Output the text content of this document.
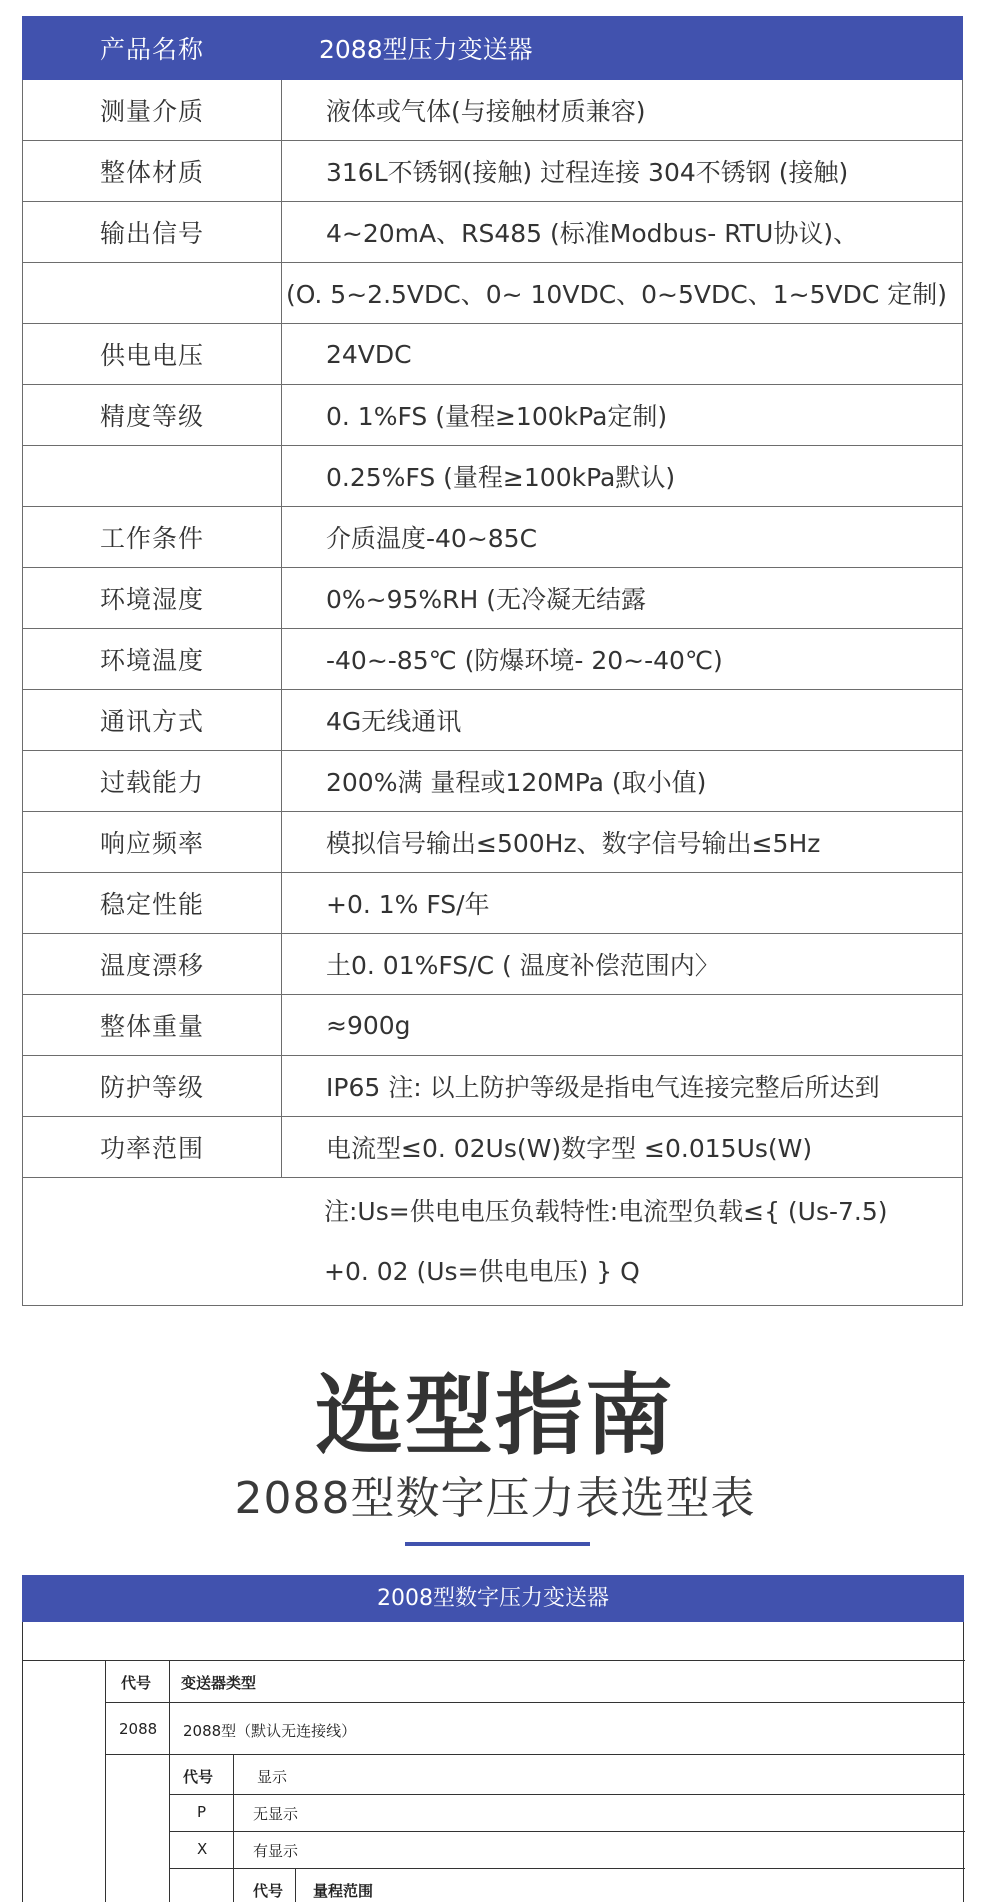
产品名称	2088型压力变送器
测量介质	液体或气体(与接触材质兼容)
整体材质	316L不锈钢(接触) 过程连接 304不锈钢 (接触)
输出信号	4~20mA、RS485 (标准Modbus- RTU协议)、
	(O. 5~2.5VDC、0~ 10VDC、0~5VDC、1~5VDC 定制)
供电电压	24VDC
精度等级	0. 1%FS (量程≥100kPa定制)
	0.25%FS (量程≥100kPa默认)
工作条件	介质温度-40~85C
环境湿度	0%~95%RH (无冷凝无结露
环境温度	-40~-85℃ (防爆环境- 20~-40℃)
通讯方式	4G无线通讯
过载能力	200%满 量程或120MPa (取小值)
响应频率	模拟信号输出≤500Hz、数字信号输出≤5Hz
稳定性能	+0. 1% FS/年
温度漂移	土0. 01%FS/C ( 温度补偿范围内〉
整体重量	≈900g
防护等级	IP65 注: 以上防护等级是指电气连接完整后所达到
功率范围	电流型≤0. 02Us(W)数字型 ≤0.015Us(W)

注:Us=供电电压负载特性:电流型负载≤{ (Us-7.5)
+0. 02 (Us=供电电压) } Q	
选型指南
2088型数字压力表选型表
2008型数字压力变送器
代号 变送器类型
2088 2088型（默认无连接线）
代号	显示
P	无显示
X	有显示
代号 量程范围
